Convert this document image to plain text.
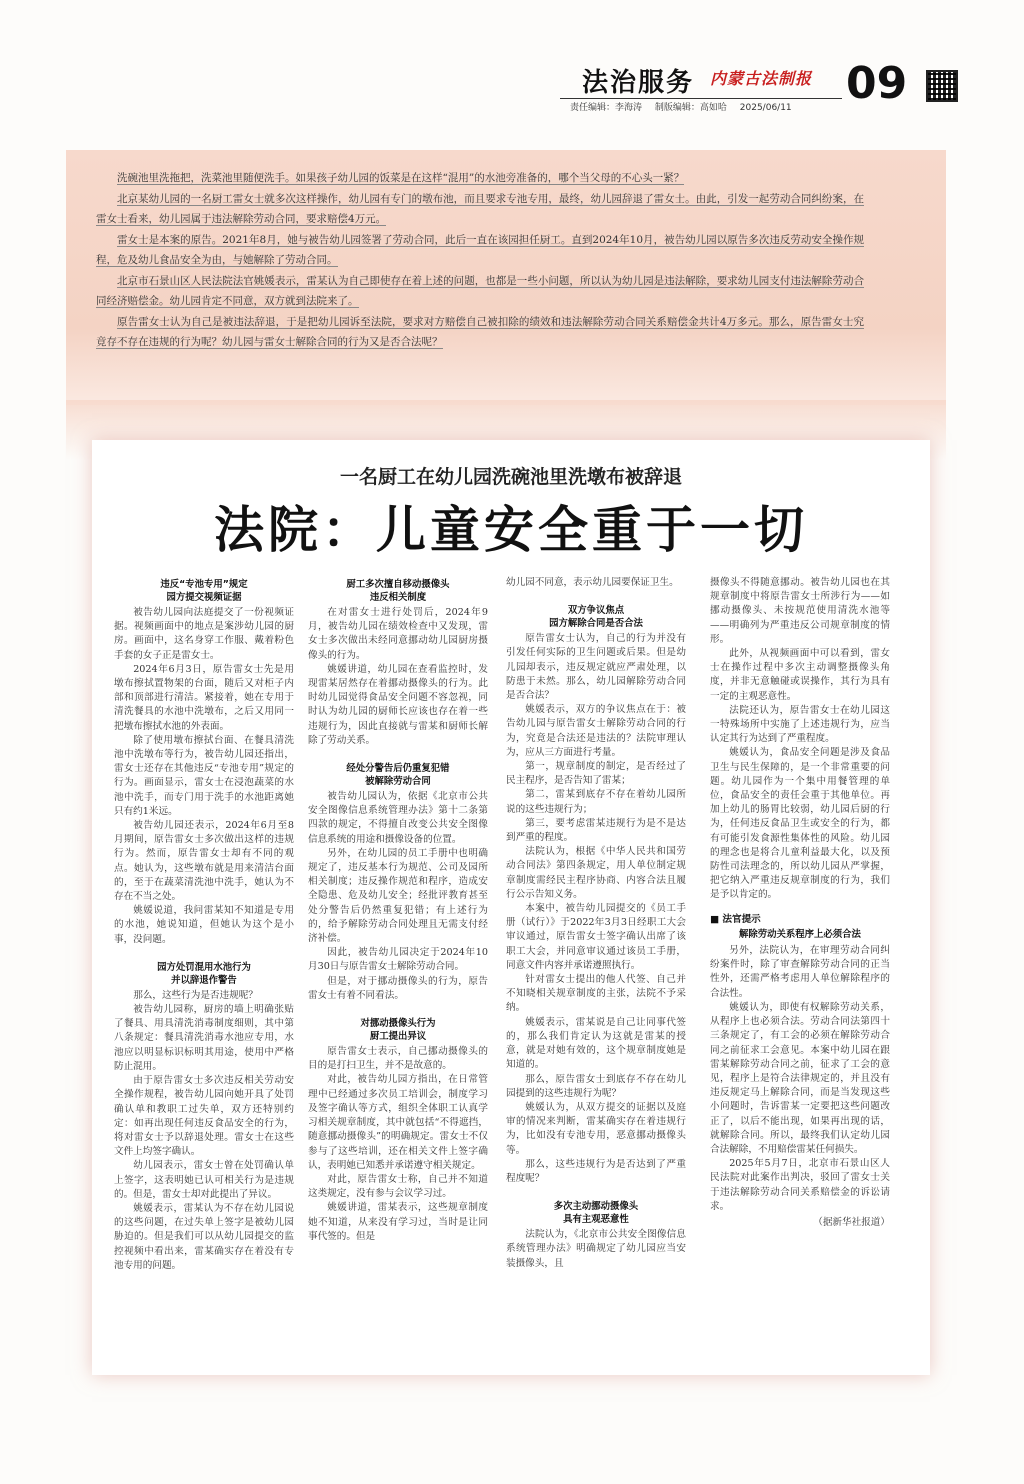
法治服务 内蒙古法制报 09
责任编辑：李海涛 制版编辑：高如哈 2025/06/11

洗碗池里洗拖把，洗菜池里随便洗手。如果孩子幼儿园的饭菜是在这样“混用”的水池旁准备的，哪个当父母的不心头一紧？

北京某幼儿园的一名厨工雷女士就多次这样操作，幼儿园有专门的墩布池，而且要求专池专用，最终，幼儿园辞退了雷女士。由此，引发一起劳动合同纠纷案，在雷女士看来，幼儿园属于违法解除劳动合同，要求赔偿4万元。

雷女士是本案的原告。2021年8月，她与被告幼儿园签署了劳动合同，此后一直在该园担任厨工。直到2024年10月，被告幼儿园以原告多次违反劳动安全操作规程，危及幼儿食品安全为由，与她解除了劳动合同。

北京市石景山区人民法院法官姚媛表示，雷某认为自己即使存在着上述的问题，也都是一些小问题，所以认为幼儿园是违法解除，要求幼儿园支付违法解除劳动合同经济赔偿金。幼儿园肯定不同意，双方就到法院来了。

原告雷女士认为自己是被违法辞退，于是把幼儿园诉至法院，要求对方赔偿自己被扣除的绩效和违法解除劳动合同关系赔偿金共计4万多元。那么，原告雷女士究竟存不存在违规的行为呢？幼儿园与雷女士解除合同的行为又是否合法呢？

一名厨工在幼儿园洗碗池里洗墩布被辞退
法院：儿童安全重于一切
违反“专池专用”规定
园方提交视频证据

被告幼儿园向法庭提交了一份视频证据。视频画面中的地点是案涉幼儿园的厨房。画面中，这名身穿工作服、戴着粉色手套的女子正是雷女士。

2024年6月3日，原告雷女士先是用墩布擦拭置物架的台面，随后又对柜子内部和顶部进行清洁。紧接着，她在专用于清洗餐具的水池中洗墩布，之后又用同一把墩布擦拭水池的外表面。

除了使用墩布擦拭台面、在餐具清洗池中洗墩布等行为，被告幼儿园还指出，雷女士还存在其他违反“专池专用”规定的行为。画面显示，雷女士在浸泡蔬菜的水池中洗手，而专门用于洗手的水池距离她只有约1米远。

被告幼儿园还表示，2024年6月至8月期间，原告雷女士多次做出这样的违规行为。然而，原告雷女士却有不同的观点。她认为，这些墩布就是用来清洁台面的，至于在蔬菜清洗池中洗手，她认为不存在不当之处。

姚媛说道，我问雷某知不知道是专用的水池，她说知道，但她认为这个是小事，没问题。

园方处罚混用水池行为
并以辞退作警告

那么，这些行为是否违规呢？

被告幼儿园称，厨房的墙上明确张贴了餐具、用具清洗消毒制度细则，其中第八条规定：餐具清洗消毒水池应专用，水池应以明显标识标明其用途，使用中严格防止混用。

由于原告雷女士多次违反相关劳动安全操作规程，被告幼儿园向她开具了处罚确认单和教职工过失单，双方还特别约定：如再出现任何违反食品安全的行为，将对雷女士予以辞退处理。雷女士在这些文件上均签字确认。

幼儿园表示，雷女士曾在处罚确认单上签字，这表明她已认可相关行为是违规的。但是，雷女士却对此提出了异议。

姚媛表示，雷某认为不存在幼儿园说的这些问题，在过失单上签字是被幼儿园胁迫的。但是我们可以从幼儿园提交的监控视频中看出来，雷某确实存在着没有专池专用的问题。

厨工多次擅自移动摄像头
违反相关制度

在对雷女士进行处罚后，2024年9月，被告幼儿园在绩效检查中又发现，雷女士多次做出未经同意挪动幼儿园厨房摄像头的行为。

姚媛讲道，幼儿园在查看监控时，发现雷某居然存在着挪动摄像头的行为。此时幼儿园觉得食品安全问题不容忽视，同时认为幼儿园的厨师长应该也存在着一些违规行为，因此直接就与雷某和厨师长解除了劳动关系。

经处分警告后仍重复犯错
被解除劳动合同

被告幼儿园认为，依据《北京市公共安全图像信息系统管理办法》第十二条第四款的规定，不得擅自改变公共安全图像信息系统的用途和摄像设备的位置。

另外，在幼儿园的员工手册中也明确规定了，违反基本行为规范、公司及园所相关制度；违反操作规范和程序，造成安全隐患、危及幼儿安全；经批评教育甚至处分警告后仍然重复犯错；有上述行为的，给予解除劳动合同处理且无需支付经济补偿。

因此，被告幼儿园决定于2024年10月30日与原告雷女士解除劳动合同。

但是，对于挪动摄像头的行为，原告雷女士有着不同看法。

对挪动摄像头行为
厨工提出异议

原告雷女士表示，自己挪动摄像头的目的是打扫卫生，并不是故意的。

对此，被告幼儿园方指出，在日常管理中已经通过多次员工培训会，制度学习及签字确认等方式，组织全体职工认真学习相关规章制度，其中就包括“不得遮挡，随意挪动摄像头”的明确规定。雷女士不仅参与了这些培训，还在相关文件上签字确认，表明她已知悉并承诺遵守相关规定。

对此，原告雷女士称，自己并不知道这类规定，没有参与会议学习过。

姚媛讲道，雷某表示，这些规章制度她不知道，从来没有学习过，当时是让同事代签的。但是

幼儿园不同意，表示幼儿园要保证卫生。

双方争议焦点
园方解除合同是否合法

原告雷女士认为，自己的行为并没有引发任何实际的卫生问题或后果。但是幼儿园却表示，违反规定就应严肃处理，以防患于未然。那么，幼儿园解除劳动合同是否合法？

姚媛表示，双方的争议焦点在于：被告幼儿园与原告雷女士解除劳动合同的行为，究竟是合法还是违法的？法院审理认为，应从三方面进行考量。

第一，规章制度的制定，是否经过了民主程序，是否告知了雷某；

第二，雷某到底存不存在着幼儿园所说的这些违规行为；

第三，要考虑雷某违规行为是不是达到严重的程度。

法院认为，根据《中华人民共和国劳动合同法》第四条规定，用人单位制定规章制度需经民主程序协商、内容合法且履行公示告知义务。

本案中，被告幼儿园提交的《员工手册（试行）》于2022年3月3日经职工大会审议通过，原告雷女士签字确认出席了该职工大会，并同意审议通过该员工手册，同意文件内容并承诺遵照执行。

针对雷女士提出的他人代签、自己并不知晓相关规章制度的主张，法院不予采纳。

姚媛表示，雷某说是自己让同事代签的，那么我们肯定认为这就是雷某的授意，就是对她有效的，这个规章制度她是知道的。

那么，原告雷女士到底存不存在幼儿园提到的这些违规行为呢？

姚媛认为，从双方提交的证据以及庭审的情况来判断，雷某确实存在着违规行为，比如没有专池专用，恶意挪动摄像头等。

那么，这些违规行为是否达到了严重程度呢？

多次主动挪动摄像头
具有主观恶意性

法院认为，《北京市公共安全图像信息系统管理办法》明确规定了幼儿园应当安装摄像头，且

摄像头不得随意挪动。被告幼儿园也在其规章制度中将原告雷女士所涉行为——如挪动摄像头、未按规范使用清洗水池等——明确列为严重违反公司规章制度的情形。

此外，从视频画面中可以看到，雷女士在操作过程中多次主动调整摄像头角度，并非无意触碰或误操作，其行为具有一定的主观恶意性。

法院还认为，原告雷女士在幼儿园这一特殊场所中实施了上述违规行为，应当认定其行为达到了严重程度。

姚媛认为，食品安全问题是涉及食品卫生与民生保障的，是一个非常重要的问题。幼儿园作为一个集中用餐管理的单位，食品安全的责任会重于其他单位。再加上幼儿的肠胃比较弱，幼儿园后厨的行为，任何违反食品卫生或安全的行为，都有可能引发食源性集体性的风险。幼儿园的理念也是将合儿童利益最大化，以及预防性司法理念的，所以幼儿园从严掌握，把它纳入严重违反规章制度的行为，我们是予以肯定的。

■ 法官提示

解除劳动关系程序上必须合法

另外，法院认为，在审理劳动合同纠纷案件时，除了审查解除劳动合同的正当性外，还需严格考虑用人单位解除程序的合法性。

姚媛认为，即使有权解除劳动关系，从程序上也必须合法。劳动合同法第四十三条规定了，有工会的必须在解除劳动合同之前征求工会意见。本案中幼儿园在跟雷某解除劳动合同之前，征求了工会的意见，程序上是符合法律规定的，并且没有违反规定马上解除合同，而是当发现这些小问题时，告诉雷某一定要把这些问题改正了，以后不能出现，如果再出现的话，就解除合同。所以，最终我们认定幼儿园合法解除，不用赔偿雷某任何损失。

2025年5月7日，北京市石景山区人民法院对此案作出判决，驳回了雷女士关于违法解除劳动合同关系赔偿金的诉讼请求。

（据新华社报道）
